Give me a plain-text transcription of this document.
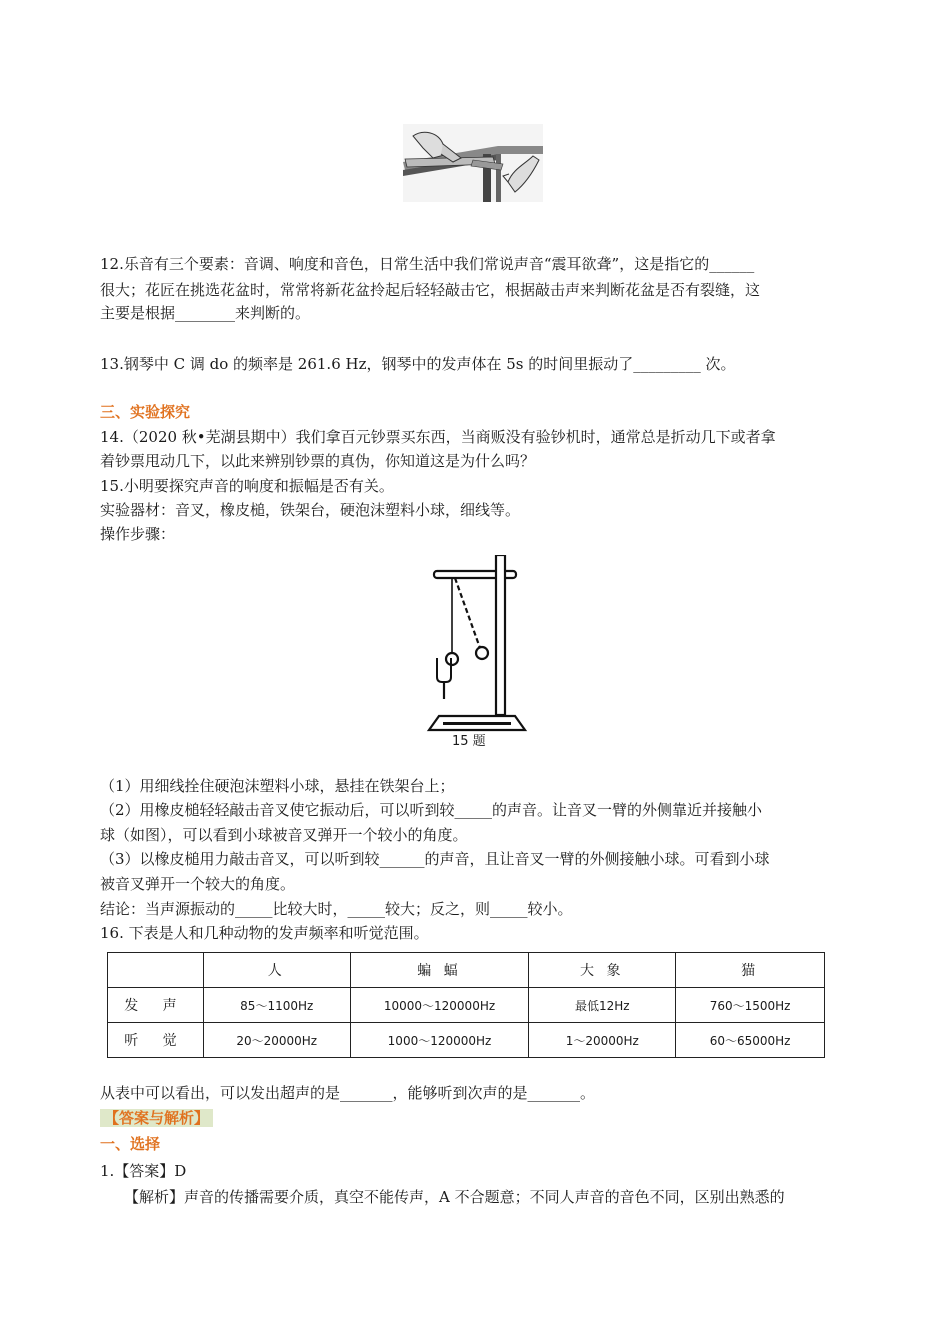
12.乐音有三个要素：音调、响度和音色，日常生活中我们常说声音“震耳欲聋”，这是指它的______
很大；花匠在挑选花盆时，常常将新花盆拎起后轻轻敲击它，根据敲击声来判断花盆是否有裂缝，这
主要是根据________来判断的。
13.钢琴中 C 调 do 的频率是 261.6 Hz，钢琴中的发声体在 5s 的时间里振动了_________ 次。
三、实验探究
14.（2020 秋•芜湖县期中）我们拿百元钞票买东西，当商贩没有验钞机时，通常总是折动几下或者拿
着钞票甩动几下，以此来辨别钞票的真伪，你知道这是为什么吗？
15.小明要探究声音的响度和振幅是否有关。
实验器材：音叉，橡皮槌，铁架台，硬泡沫塑料小球，细线等。
操作步骤：
15 题
（1）用细线拴住硬泡沫塑料小球，悬挂在铁架台上；
（2）用橡皮槌轻轻敲击音叉使它振动后，可以听到较_____的声音。让音叉一臂的外侧靠近并接触小
球（如图），可以看到小球被音叉弹开一个较小的角度。
（3）以橡皮槌用力敲击音叉，可以听到较______的声音，且让音叉一臂的外侧接触小球。可看到小球
被音叉弹开一个较大的角度。
结论：当声源振动的_____比较大时，_____较大；反之，则_____较小。
16. 下表是人和几种动物的发声频率和听觉范围。
	人	蝙 蝠	大 象	猫
发 声	85～1100Hz	10000～120000Hz	最低12Hz	760～1500Hz
听 觉	20～20000Hz	1000～120000Hz	1～20000Hz	60～65000Hz
从表中可以看出，可以发出超声的是_______，能够听到次声的是_______。
【答案与解析】
一、选择
1.【答案】D
【解析】声音的传播需要介质，真空不能传声，A 不合题意；不同人声音的音色不同，区别出熟悉的
